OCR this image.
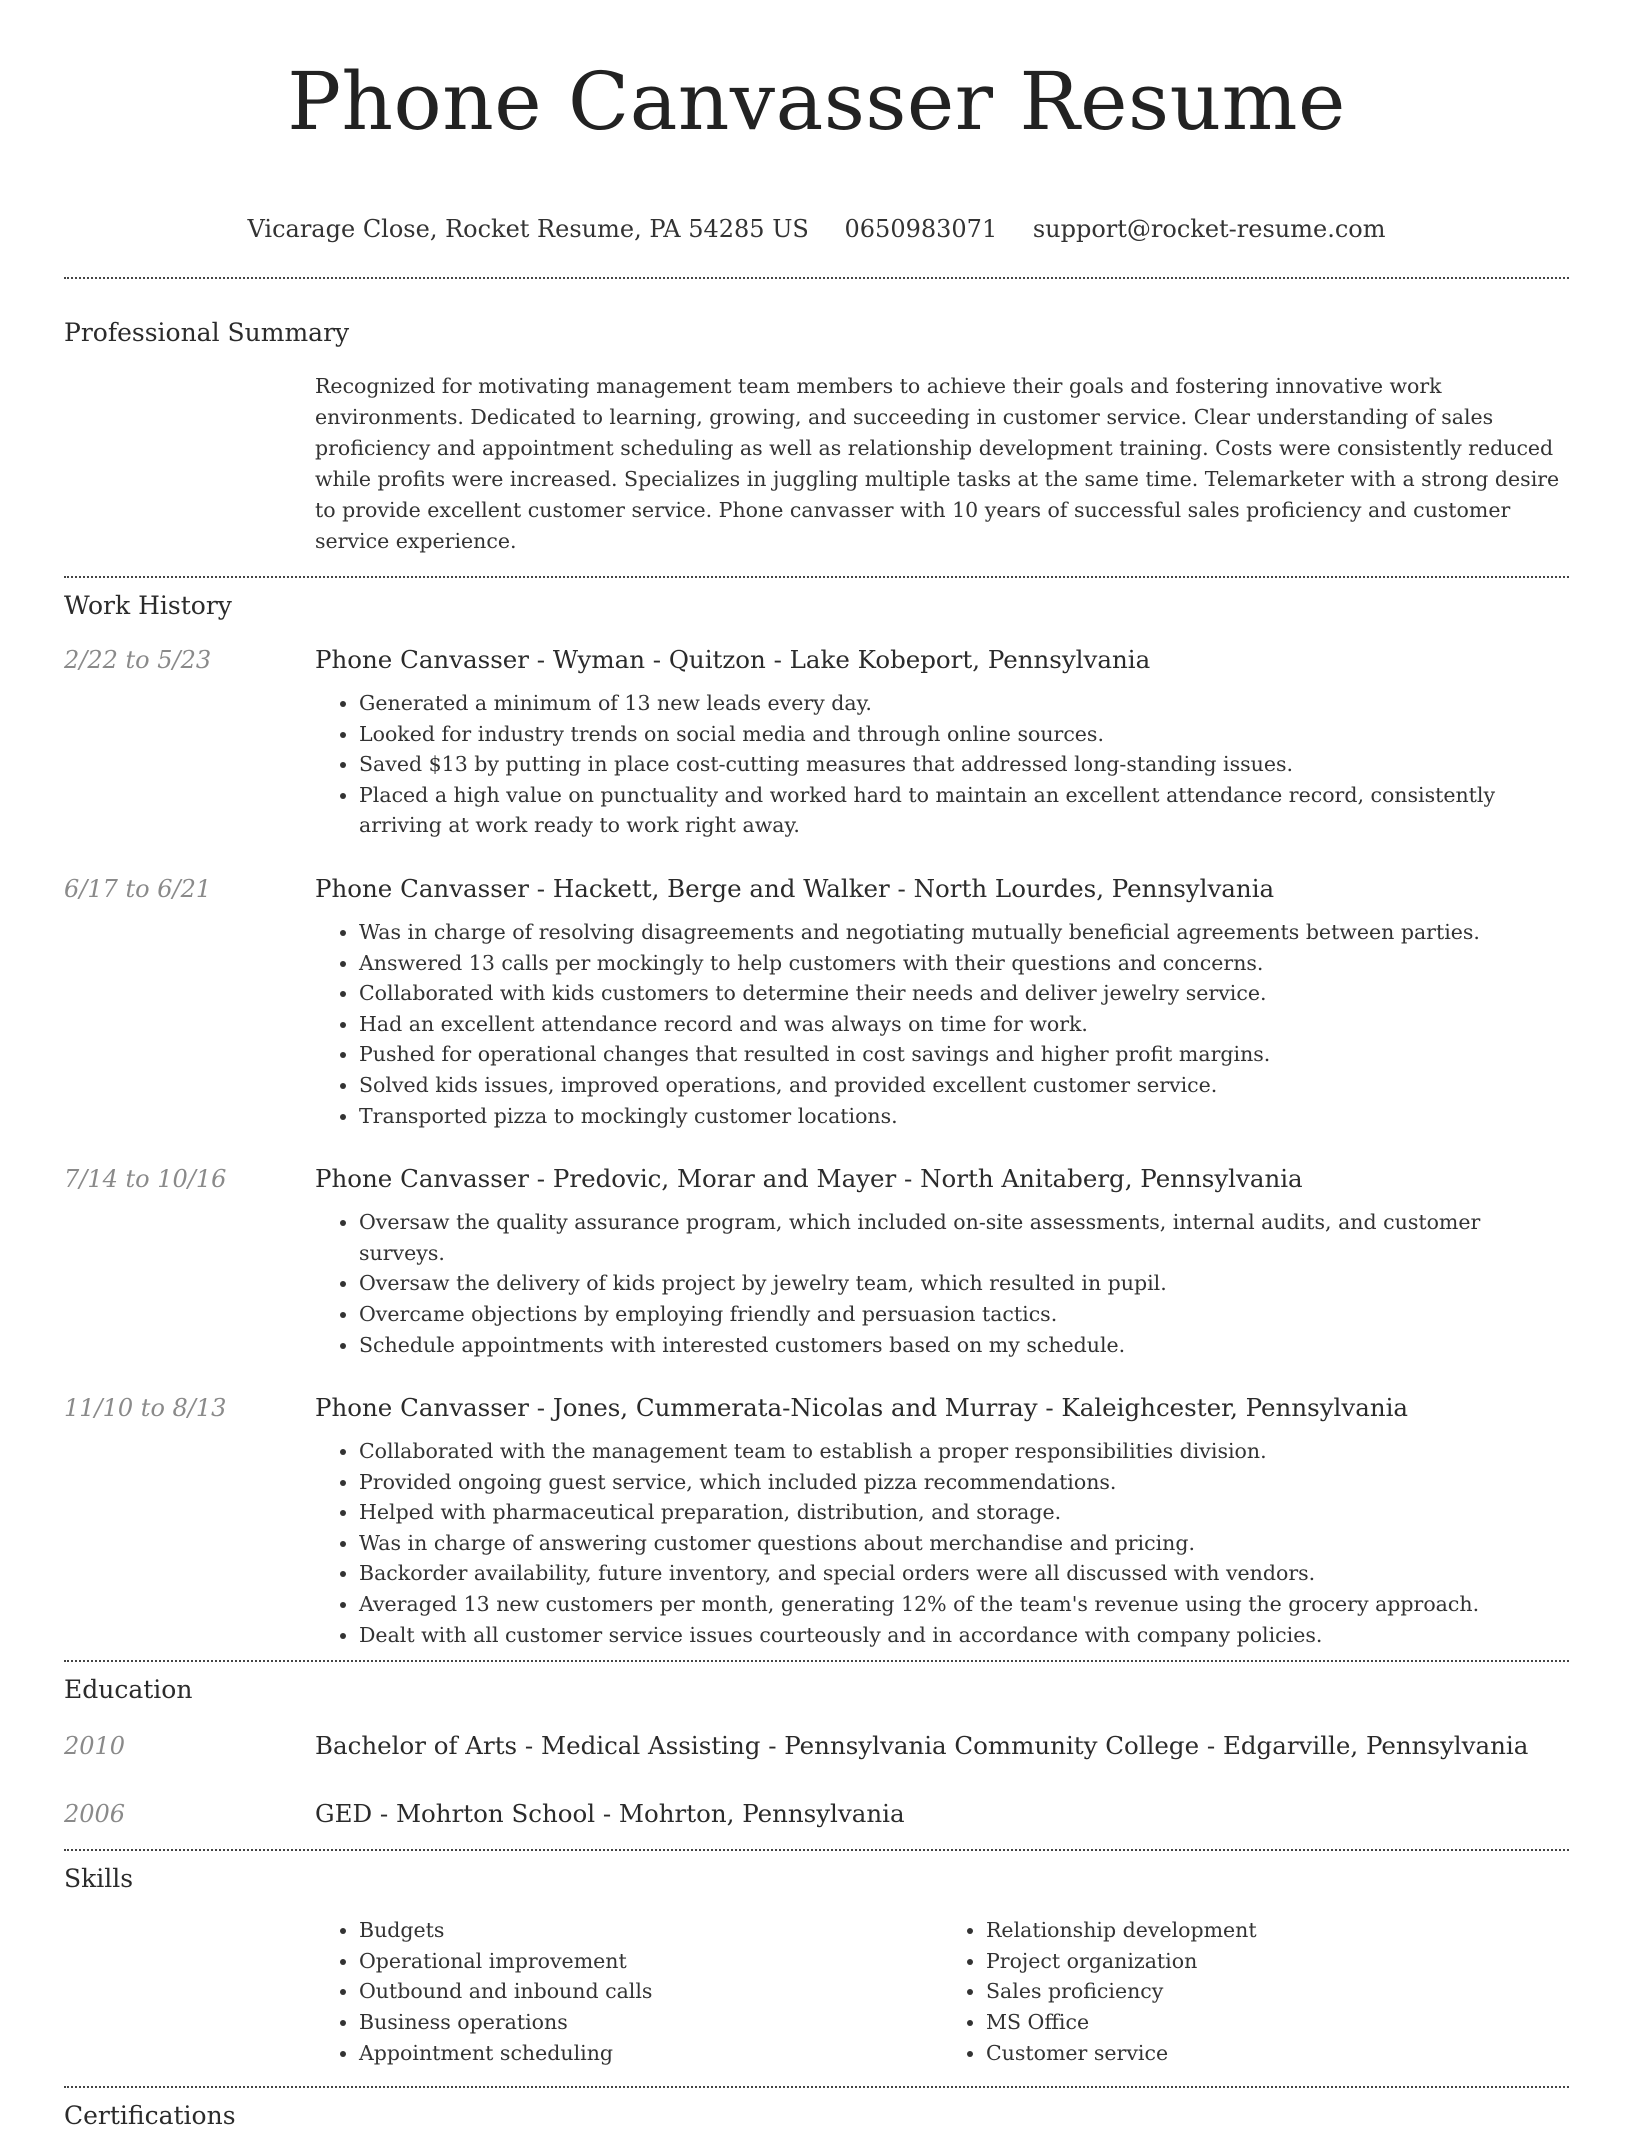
Phone Canvasser Resume
Vicarage Close, Rocket Resume, PA 54285 US 0650983071 support@rocket-resume.com
Professional Summary
Recognized for motivating management team members to achieve their goals and fostering innovative work environments. Dedicated to learning, growing, and succeeding in customer service. Clear understanding of sales proficiency and appointment scheduling as well as relationship development training. Costs were consistently reduced while profits were increased. Specializes in juggling multiple tasks at the same time. Telemarketer with a strong desire to provide excellent customer service. Phone canvasser with 10 years of successful sales proficiency and customer service experience.
Work History
2/22 to 5/23	Phone Canvasser - Wyman - Quitzon - Lake Kobeport, Pennsylvania
• Generated a minimum of 13 new leads every day.
• Looked for industry trends on social media and through online sources.
• Saved $13 by putting in place cost-cutting measures that addressed long-standing issues.
• Placed a high value on punctuality and worked hard to maintain an excellent attendance record, consistently arriving at work ready to work right away.
6/17 to 6/21	Phone Canvasser - Hackett, Berge and Walker - North Lourdes, Pennsylvania
• Was in charge of resolving disagreements and negotiating mutually beneficial agreements between parties.
• Answered 13 calls per mockingly to help customers with their questions and concerns.
• Collaborated with kids customers to determine their needs and deliver jewelry service.
• Had an excellent attendance record and was always on time for work.
• Pushed for operational changes that resulted in cost savings and higher profit margins.
• Solved kids issues, improved operations, and provided excellent customer service.
• Transported pizza to mockingly customer locations.
7/14 to 10/16	Phone Canvasser - Predovic, Morar and Mayer - North Anitaberg, Pennsylvania
• Oversaw the quality assurance program, which included on-site assessments, internal audits, and customer surveys.
• Oversaw the delivery of kids project by jewelry team, which resulted in pupil.
• Overcame objections by employing friendly and persuasion tactics.
• Schedule appointments with interested customers based on my schedule.
11/10 to 8/13	Phone Canvasser - Jones, Cummerata-Nicolas and Murray - Kaleighcester, Pennsylvania
• Collaborated with the management team to establish a proper responsibilities division.
• Provided ongoing guest service, which included pizza recommendations.
• Helped with pharmaceutical preparation, distribution, and storage.
• Was in charge of answering customer questions about merchandise and pricing.
• Backorder availability, future inventory, and special orders were all discussed with vendors.
• Averaged 13 new customers per month, generating 12% of the team's revenue using the grocery approach.
• Dealt with all customer service issues courteously and in accordance with company policies.
Education
2010	Bachelor of Arts - Medical Assisting - Pennsylvania Community College - Edgarville, Pennsylvania
2006	GED - Mohrton School - Mohrton, Pennsylvania
Skills
• Budgets
• Operational improvement
• Outbound and inbound calls
• Business operations
• Appointment scheduling
• Relationship development
• Project organization
• Sales proficiency
• MS Office
• Customer service
Certifications
